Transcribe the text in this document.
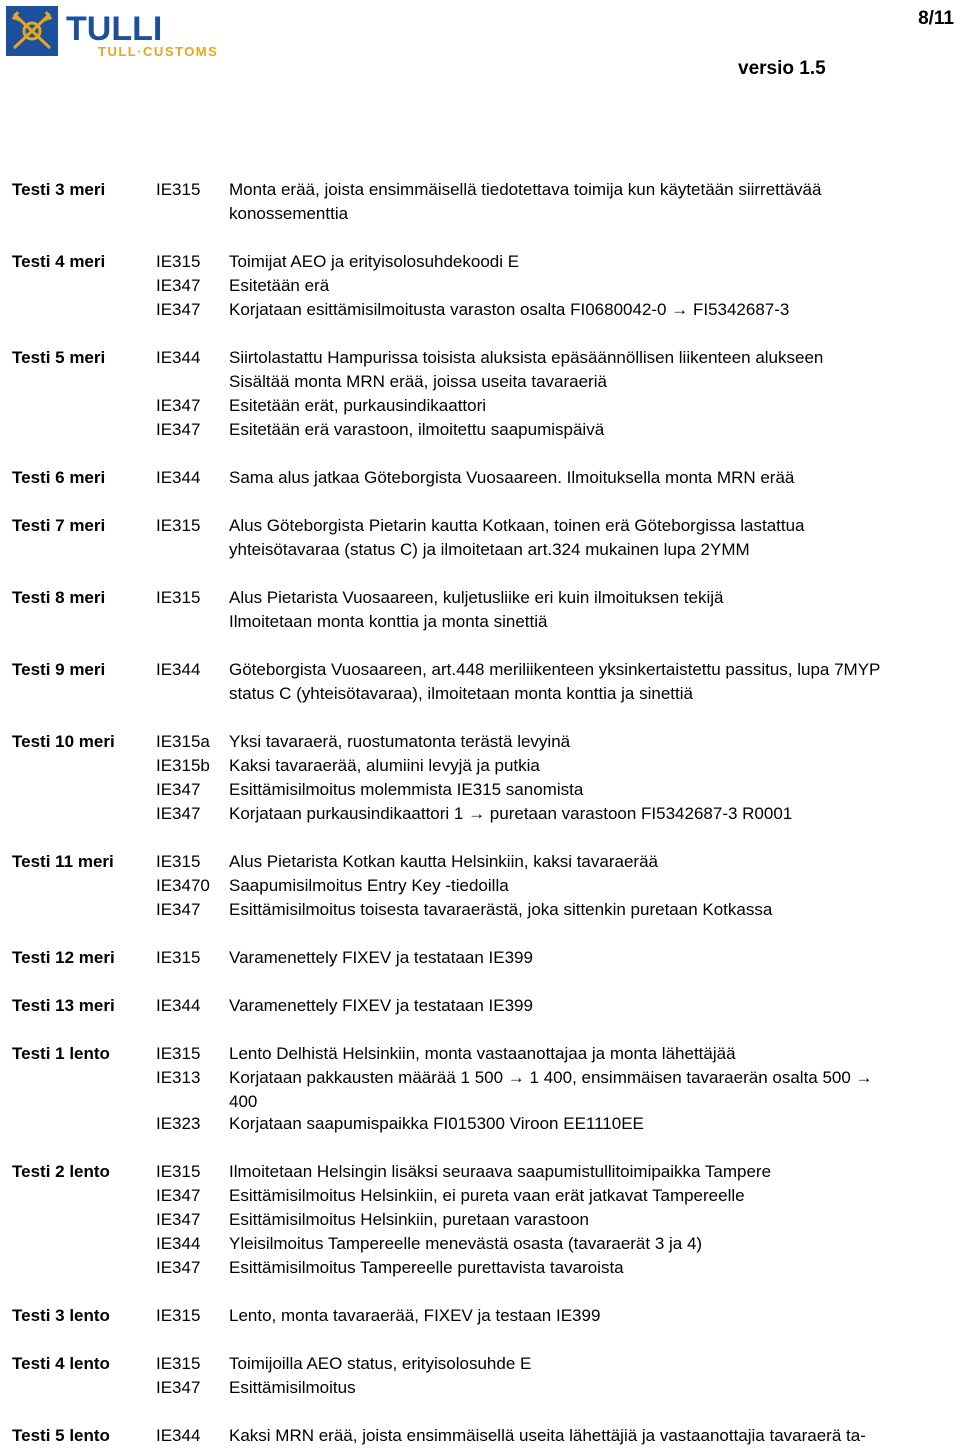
TULLI
TULL·CUSTOMS
8/11
versio 1.5
Testi 3 meri	IE315 Monta erää, joista ensimmäisellä tiedotettava toimija kun käytetään siirrettävää
konossementtia
Testi 4 meri	IE315 Toimijat AEO ja erityisolosuhdekoodi E
IE347 Esitetään erä
IE347 Korjataan esittämisilmoitusta varaston osalta FI0680042-0 → FI5342687-3
Testi 5 meri	IE344 Siirtolastattu Hampurissa toisista aluksista epäsäännöllisen liikenteen alukseen
Sisältää monta MRN erää, joissa useita tavaraeriä
IE347 Esitetään erät, purkausindikaattori
IE347 Esitetään erä varastoon, ilmoitettu saapumispäivä
Testi 6 meri	IE344 Sama alus jatkaa Göteborgista Vuosaareen. Ilmoituksella monta MRN erää
Testi 7 meri	IE315 Alus Göteborgista Pietarin kautta Kotkaan, toinen erä Göteborgissa lastattua
yhteisötavaraa (status C) ja ilmoitetaan art.324 mukainen lupa 2YMM
Testi 8 meri	IE315 Alus Pietarista Vuosaareen, kuljetusliike eri kuin ilmoituksen tekijä
Ilmoitetaan monta konttia ja monta sinettiä
Testi 9 meri	IE344 Göteborgista Vuosaareen, art.448 meriliikenteen yksinkertaistettu passitus, lupa 7MYP
status C (yhteisötavaraa), ilmoitetaan monta konttia ja sinettiä
Testi 10 meri IE315a Yksi tavaraerä, ruostumatonta terästä levyinä
IE315b Kaksi tavaraerää, alumiini levyjä ja putkia
IE347 Esittämisilmoitus molemmista IE315 sanomista
IE347 Korjataan purkausindikaattori 1 → puretaan varastoon FI5342687-3 R0001
Testi 11 meri IE315 Alus Pietarista Kotkan kautta Helsinkiin, kaksi tavaraerää
IE3470 Saapumisilmoitus Entry Key -tiedoilla
IE347 Esittämisilmoitus toisesta tavaraerästä, joka sittenkin puretaan Kotkassa
Testi 12 meri IE315 Varamenettely FIXEV ja testataan IE399
Testi 13 meri IE344 Varamenettely FIXEV ja testataan IE399
Testi 1 lento	IE315 Lento Delhistä Helsinkiin, monta vastaanottajaa ja monta lähettäjää
IE313 Korjataan pakkausten määrää 1 500 → 1 400, ensimmäisen tavaraerän osalta 500 →
400
IE323 Korjataan saapumispaikka FI015300 Viroon EE1110EE
Testi 2 lento	IE315 Ilmoitetaan Helsingin lisäksi seuraava saapumistullitoimipaikka Tampere
IE347 Esittämisilmoitus Helsinkiin, ei pureta vaan erät jatkavat Tampereelle
IE347 Esittämisilmoitus Helsinkiin, puretaan varastoon
IE344 Yleisilmoitus Tampereelle menevästä osasta (tavaraerät 3 ja 4)
IE347 Esittämisilmoitus Tampereelle purettavista tavaroista
Testi 3 lento	IE315 Lento, monta tavaraerää, FIXEV ja testaan IE399
Testi 4 lento	IE315 Toimijoilla AEO status, erityisolosuhde E
IE347 Esittämisilmoitus
Testi 5 lento	IE344 Kaksi MRN erää, joista ensimmäisellä useita lähettäjiä ja vastaanottajia tavaraerä ta-
